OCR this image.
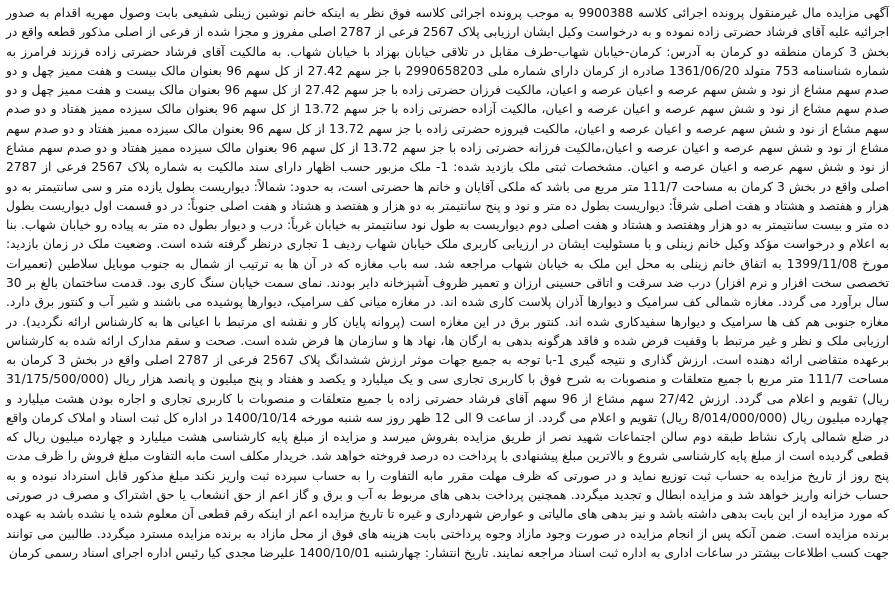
آگهی مزایده مال غیرمنقول پرونده اجرائی کلاسه 9900388 به موجب پرونده اجرائی کلاسه فوق نظر به اینکه خانم نوشین زینلی شفیعی بابت وصول مهریه اقدام به صدور اجرائیه علیه آقای فرشاد حضرتی زاده نموده و به درخواست وکیل ایشان ارزیابی پلاک 2567 فرعی از 2787 اصلی مفروز و مجزا شده از فرعی از اصلی مذکور قطعه واقع در بخش 3 کرمان منطقه دو کرمان به آدرس: کرمان-خیابان شهاب-طرف مقابل در تلاقی خیابان بهزاد با خیابان شهاب. به مالکیت آقای فرشاد حضرتی زاده فرزند فرامرز به شماره شناسنامه 753 متولد 1361/06/20 صادره از کرمان دارای شماره ملی 2990658203 با جز سهم 27.42 از کل سهم 96 بعنوان مالک بیست و هفت ممیز چهل و دو صدم سهم مشاع از نود و شش سهم عرصه و اعیان عرصه و اعیان، مالکیت فرزان حضرتی زاده با جز سهم 27.42 از کل سهم 96 بعنوان مالک بیست و هفت ممیز چهل و دو صدم سهم مشاع از نود و شش سهم عرصه و اعیان عرصه و اعیان، مالکیت آزاده حضرتی زاده با جز سهم 13.72 از کل سهم 96 بعنوان مالک سیزده ممیز هفتاد و دو صدم سهم مشاع از نود و شش سهم عرصه و اعیان عرصه و اعیان، مالکیت فیروزه حضرتی زاده با جز سهم 13.72 از کل سهم 96 بعنوان مالک سیزده ممیز هفتاد و دو صدم سهم مشاع از نود و شش سهم عرصه و اعیان عرصه و اعیان،مالکیت فرزانه حضرتی زاده با جز سهم 13.72 از کل سهم 96 بعنوان مالک سیزده ممیز هفتاد و دو صدم سهم مشاع از نود و شش سهم عرصه و اعیان عرصه و اعیان. مشخصات ثبتی ملک بازدید شده: 1- ملک مزبور حسب اظهار دارای سند مالکیت به شماره پلاک 2567 فرعی از 2787 اصلی واقع در بخش 3 کرمان به مساحت 111/7 متر مربع می باشد که ملکی آقایان و خانم ها حضرتی است، به حدود: شمالاً: دیواریست بطول یازده متر و سی سانتیمتر به دو هزار و هفتصد و هشتاد و هفت اصلی شرقاً: دیواریست بطول ده متر و نود و پنج سانتیمتر به دو هزار و هفتصد و هشتاد و هفت اصلی جنوباً: در دو قسمت اول دیواریست بطول ده متر و بیست سانتیمتر به دو هزار وهفتصد و هشتاد و هفت اصلی دوم دیواریست به طول نود سانتیمتر به خیابان غرباً: درب و دیوار بطول ده متر به پیاده رو خیابان شهاب. بنا به اعلام و درخواست مؤکد وکیل خانم زینلی و با مسئولیت ایشان در ارزیابی کاربری ملک خیابان شهاب ردیف 1 تجاری درنظر گرفته شده است. وضعیت ملک در زمان بازدید: مورخ 1399/11/08 به اتفاق خانم زینلی به محل این ملک به خیابان شهاب مراجعه شد. سه باب مغازه که در آن ها به ترتیب از شمال به جنوب موبایل سلاطین (تعمیرات تخصصی سخت افزار و نرم افزار) درب ضد سرقت و اتاقی حسینی ارزان و تعمیر ظروف آشپزخانه دایر بودند. نمای سمت خیابان سنگ کاری بود. قدمت ساختمان بالغ بر 30 سال برآورد می گردد. مغازه شمالی کف سرامیک و دیوارها آذران پلاست کاری شده اند. در مغازه میانی کف سرامیک، دیوارها پوشیده می باشند و شیر آب و کنتور برق دارد. مغازه جنوبی هم کف ها سرامیک و دیوارها سفیدکاری شده اند. کنتور برق در این مغازه است (پروانه پایان کار و نقشه ای مرتبط با اعیانی ها به کارشناس ارائه نگردید). در ارزیابی ملک و نظر و غیر مرتبط با وقفیت فرض شده و فاقد هرگونه بدهی به ارگان ها، نهاد ها و سازمان ها فرض شده است. صحت و سقم مدارک ارائه شده به کارشناس برعهده متقاضی ارائه دهنده است. ارزش گذاری و نتیجه گیری 1-با توجه به جمیع جهات موثر ارزش ششدانگ پلاک 2567 فرعی از 2787 اصلی واقع در بخش 3 کرمان به مساحت 111/7 متر مربع با جمیع متعلقات و منصوبات به شرح فوق با کاربری تجاری سی و یک میلیارد و یکصد و هفتاد و پنج میلیون و پانصد هزار ریال (31/175/500/000 ریال) تقویم و اعلام می گردد. ارزش 27/42 سهم مشاع از 96 سهم آقای فرشاد حضرتی زاده با جمیع متعلقات و منصوبات با کاربری تجاری و اجاره بودن هشت میلیارد و چهارده میلیون ریال (8/014/000/000 ریال) تقویم و اعلام می گردد. از ساعت 9 الی 12 ظهر روز سه شنبه مورخه 1400/10/14 در اداره کل ثبت اسناد و املاک کرمان واقع در ضلع شمالی پارک نشاط طبقه دوم سالن اجتماعات شهید نصر از طریق مزایده بفروش میرسد و مزایده از مبلغ پایه کارشناسی هشت میلیارد و چهارده میلیون ریال که قطعی گردیده است از مبلغ پایه کارشناسی شروع و بالاترین مبلغ پیشنهادی با پرداخت ده درصد فروخته خواهد شد. خریدار مکلف است مابه التفاوت مبلغ فروش را ظرف مدت پنج روز از تاریخ مزایده به حساب ثبت توزیع نماید و در صورتی که ظرف مهلت مقرر مابه التفاوت را به حساب سپرده ثبت واریز نکند مبلغ مذکور قابل استرداد نبوده و به حساب خزانه واریز خواهد شد و مزایده ابطال و تجدید میگردد. همچنین پرداخت بدهی های مربوط به آب و برق و گاز اعم از حق انشعاب یا حق اشتراک و مصرف در صورتی که مورد مزایده از این بابت بدهی داشته باشد و نیز بدهی های مالیاتی و عوارض شهرداری و غیره تا تاریخ مزایده اعم از اینکه رقم قطعی آن معلوم شده یا نشده باشد به عهده برنده مزایده است. ضمن آنکه پس از انجام مزایده در صورت وجود مازاد وجوه پرداختی بابت هزینه های فوق از محل مازاد به برنده مزایده مسترد میگردد. طالبین می توانند جهت کسب اطلاعات بیشتر در ساعات اداری به اداره ثبت اسناد مراجعه نمایند. تاریخ انتشار: چهارشنبه 1400/10/01 علیرضا مجدی کیا رئیس اداره اجرای اسناد رسمی کرمان
